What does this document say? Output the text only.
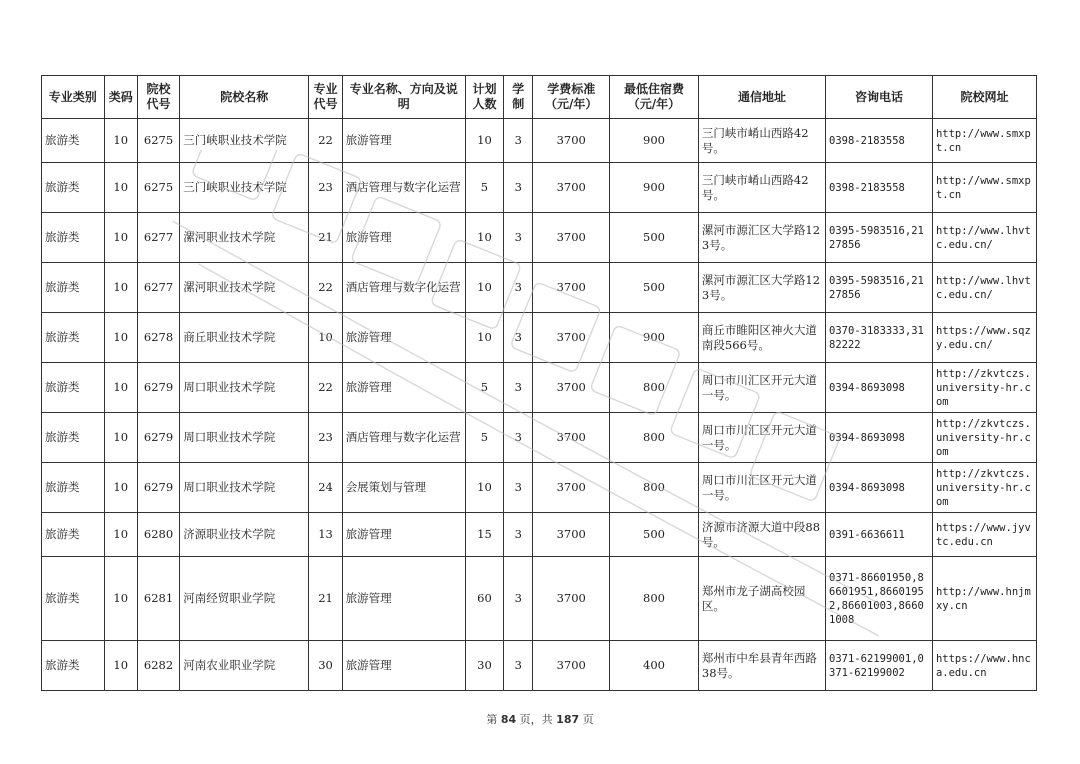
专业类别	类码	院校代号	院校名称	专业代号	专业名称、方向及说明	计划人数	学制	学费标准（元/年）	最低住宿费（元/年）	通信地址	咨询电话	院校网址
旅游类	10	6275	三门峡职业技术学院	22	旅游管理	10	3	3700	900	三门峡市崤山西路42号。	0398-2183558	http://www.smxpt.cn
旅游类	10	6275	三门峡职业技术学院	23	酒店管理与数字化运营	5	3	3700	900	三门峡市崤山西路42号。	0398-2183558	http://www.smxpt.cn
旅游类	10	6277	漯河职业技术学院	21	旅游管理	10	3	3700	500	漯河市源汇区大学路123号。	0395-5983516,2127856	http://www.lhvtc.edu.cn/
旅游类	10	6277	漯河职业技术学院	22	酒店管理与数字化运营	10	3	3700	500	漯河市源汇区大学路123号。	0395-5983516,2127856	http://www.lhvtc.edu.cn/
旅游类	10	6278	商丘职业技术学院	10	旅游管理	10	3	3700	900	商丘市睢阳区神火大道南段566号。	0370-3183333,3182222	https://www.sqzy.edu.cn/
旅游类	10	6279	周口职业技术学院	22	旅游管理	5	3	3700	800	周口市川汇区开元大道一号。	0394-8693098	http://zkvtczs.university-hr.com
旅游类	10	6279	周口职业技术学院	23	酒店管理与数字化运营	5	3	3700	800	周口市川汇区开元大道一号。	0394-8693098	http://zkvtczs.university-hr.com
旅游类	10	6279	周口职业技术学院	24	会展策划与管理	10	3	3700	800	周口市川汇区开元大道一号。	0394-8693098	http://zkvtczs.university-hr.com
旅游类	10	6280	济源职业技术学院	13	旅游管理	15	3	3700	500	济源市济源大道中段88号。	0391-6636611	https://www.jyvtc.edu.cn
旅游类	10	6281	河南经贸职业学院	21	旅游管理	60	3	3700	800	郑州市龙子湖高校园区。	0371-86601950,86601951,86601952,86601003,86601008	http://www.hnjmxy.cn
旅游类	10	6282	河南农业职业学院	30	旅游管理	30	3	3700	400	郑州市中牟县青年西路38号。	0371-62199001,0371-62199002	https://www.hnca.edu.cn
第 84 页，共 187 页
